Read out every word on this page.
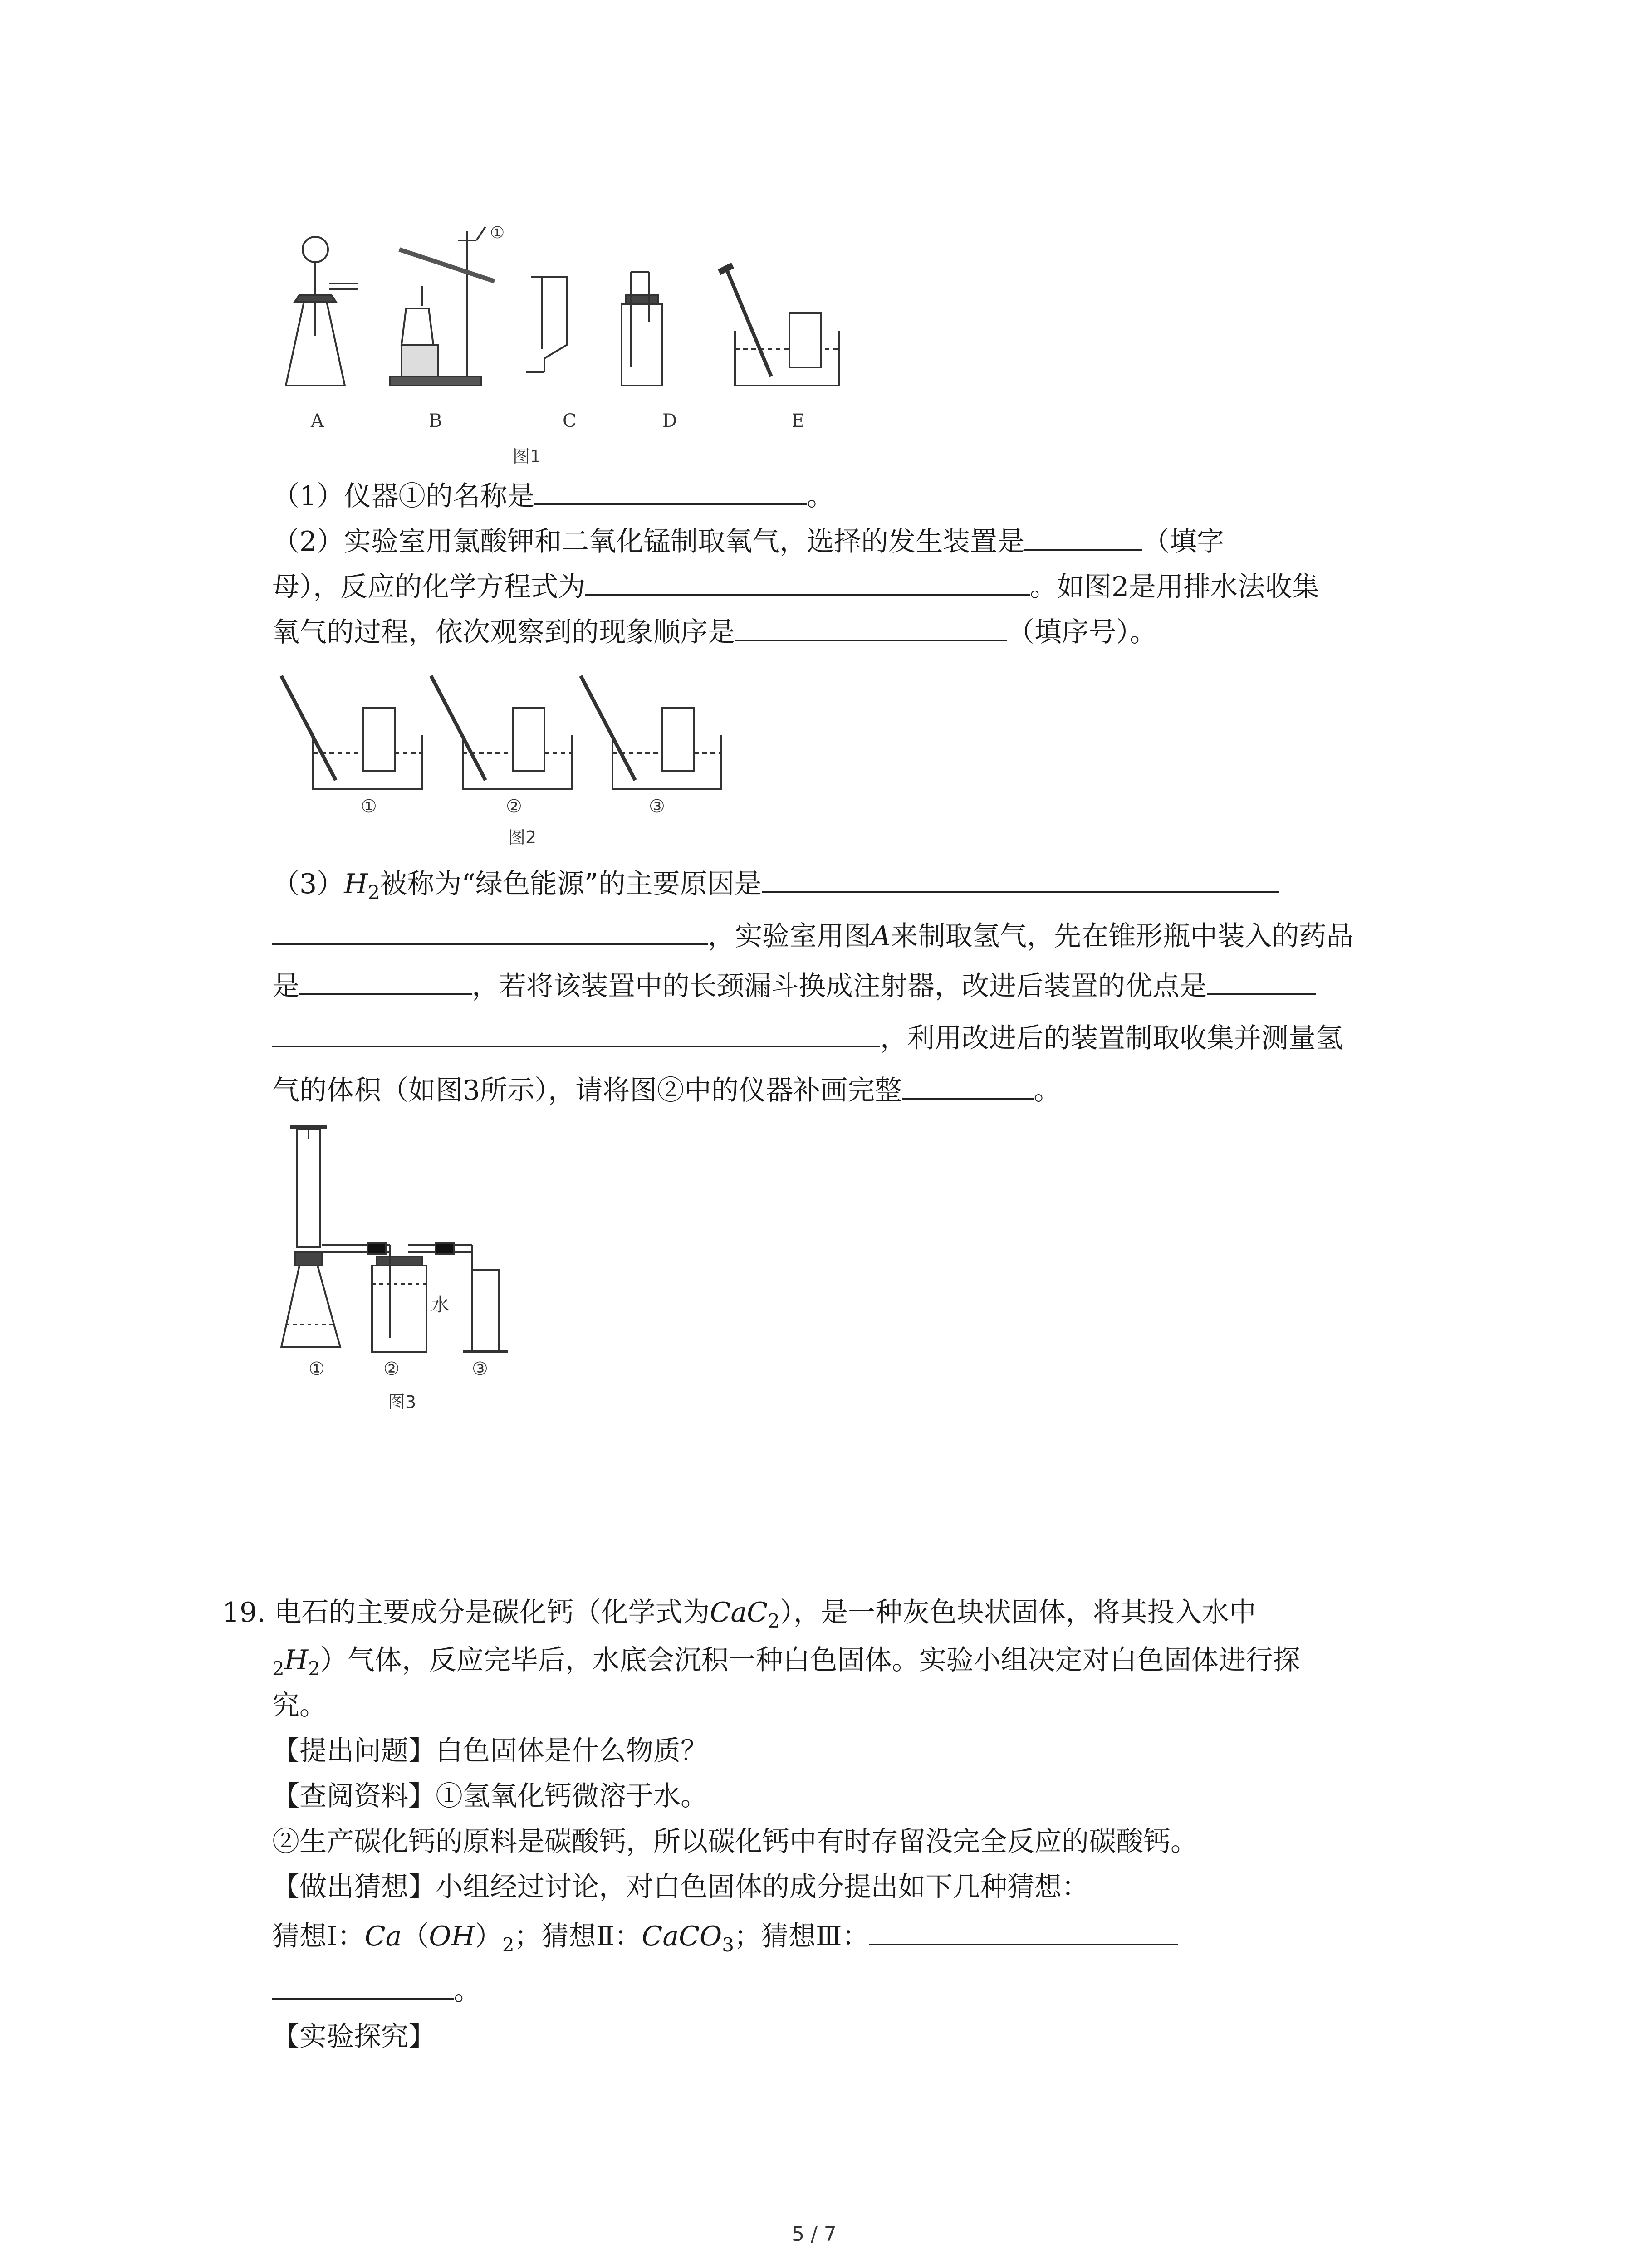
①
A	B	C	D	E
图1
（1）仪器①的名称是	。
（2）实验室用氯酸钾和二氧化锰制取氧气，选择的发生装置是	（填字
母），反应的化学方程式为	。如图2是用排水法收集
氧气的过程，依次观察到的现象顺序是	（填序号）。
①	②	③
图2
$(3)H_2$被称为“绿色能源”的主要原因是
，实验室用图A来制取氢气，先在锥形瓶中装入的药品
是	，若将该装置中的长颈漏斗换成注射器，改进后装置的优点是
，利用改进后的装置制取收集并测量氢
气的体积（如图3所示），请将图②中的仪器补画完整	。
水
①	②	③
图3
19. 电石的主要成分是碳化钙（化学式为CaC$_2$），是一种灰色块状固体，将其投入水中
$_2H_2$）气体，反应完毕后，水底会沉积一种白色固体。实验小组决定对白色固体进行探
究。
【提出问题】白色固体是什么物质？
【查阅资料】①氢氧化钙微溶于水。
②生产碳化钙的原料是碳酸钙，所以碳化钙中有时存留没完全反应的碳酸钙。
【做出猜想】小组经过讨论，对白色固体的成分提出如下几种猜想：
猜想Ⅰ：$Ca(OH)_2$；猜想Ⅱ：CaCO$_3$；猜想Ⅲ：
。
【实验探究】
5 / 7
